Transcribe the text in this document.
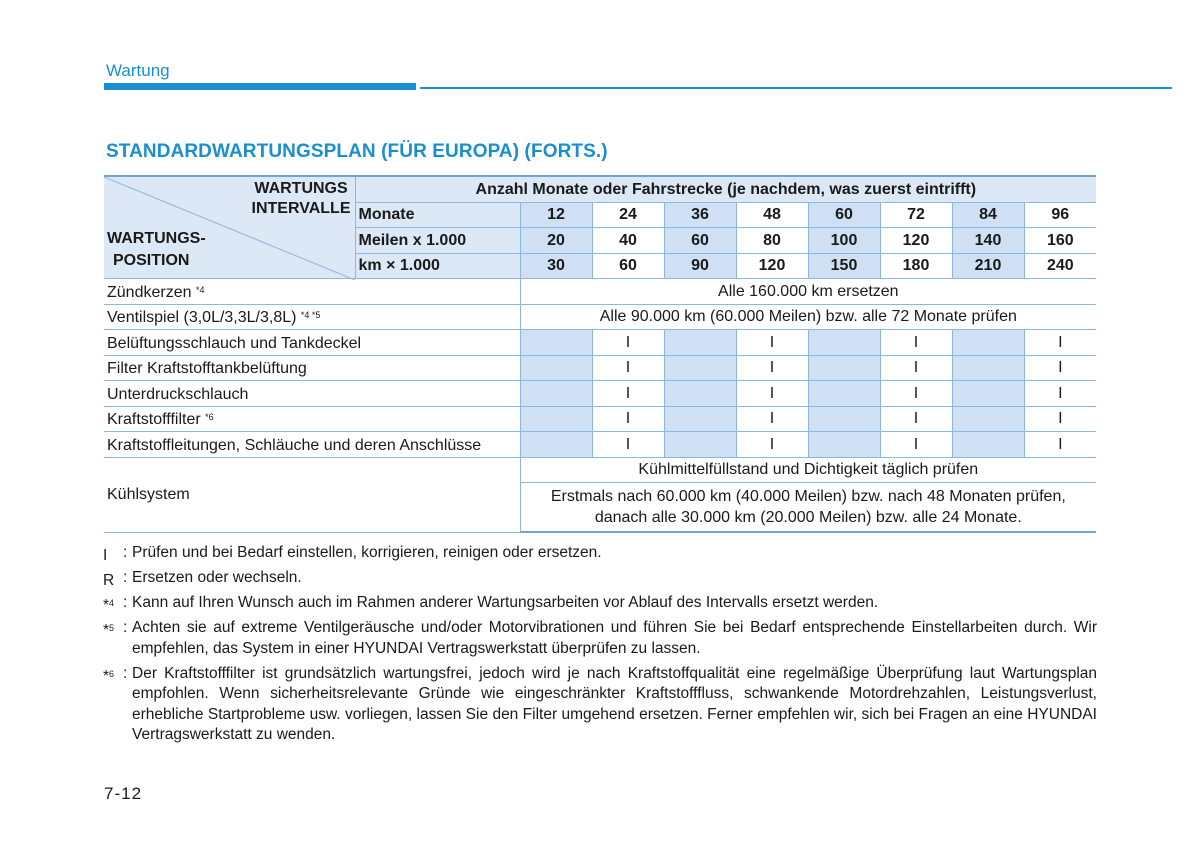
Wartung
STANDARDWARTUNGSPLAN (FÜR EUROPA) (FORTS.)
WARTUNGS
INTERVALLE
WARTUNGS-
POSITION	Anzahl Monate oder Fahrstrecke (je nachdem, was zuerst eintrifft)								
	Monate	12	24	36	48	60	72	84	96
	Meilen x 1.000	20	40	60	80	100	120	140	160
	km × 1.000	30	60	90	120	150	180	210	240
Zündkerzen $^{*4}$		Alle 160.000 km ersetzen							
Ventilspiel (3,0L/3,3L/3,8L) $^{*4 *5}$		Alle 90.000 km (60.000 Meilen) bzw. alle 72 Monate prüfen							
Belüftungsschlauch und Tankdeckel			I		I		I		I
Filter Kraftstofftankbelüftung			I		I		I		I
Unterdruckschlauch			I		I		I		I
Kraftstofffilter $^{*6}$			I		I		I		I
Kraftstoffleitungen, Schläuche und deren Anschlüsse			I		I		I		I
Kühlsystem		Kühlmittelfüllstand und Dichtigkeit täglich prüfen							

		Erstmals nach 60.000 km (40.000 Meilen) bzw. nach 48 Monaten prüfen,
danach alle 30.000 km (20.000 Meilen) bzw. alle 24 Monate.							
I	: Prüfen und bei Bedarf einstellen, korrigieren, reinigen oder ersetzen.
R : Ersetzen oder wechseln.
*$^4$ : Kann auf Ihren Wunsch auch im Rahmen anderer Wartungsarbeiten vor Ablauf des Intervalls ersetzt werden.
*$^5$ : Achten sie auf extreme Ventilgeräusche und/oder Motorvibrationen und führen Sie bei Bedarf entsprechende Einstellarbeiten durch. Wir empfehlen, das System in einer HYUNDAI Vertragswerkstatt überprüfen zu lassen.
*$^6$ : Der Kraftstofffilter ist grundsätzlich wartungsfrei, jedoch wird je nach Kraftstoffqualität eine regelmäßige Überprüfung laut Wartungsplan empfohlen. Wenn sicherheitsrelevante Gründe wie eingeschränkter Kraftstofffluss, schwankende Motordrehzahlen, Leistungsverlust, erhebliche Startprobleme usw. vorliegen, lassen Sie den Filter umgehend ersetzen. Ferner empfehlen wir, sich bei Fragen an eine HYUNDAI Vertragswerkstatt zu wenden.
7-12
